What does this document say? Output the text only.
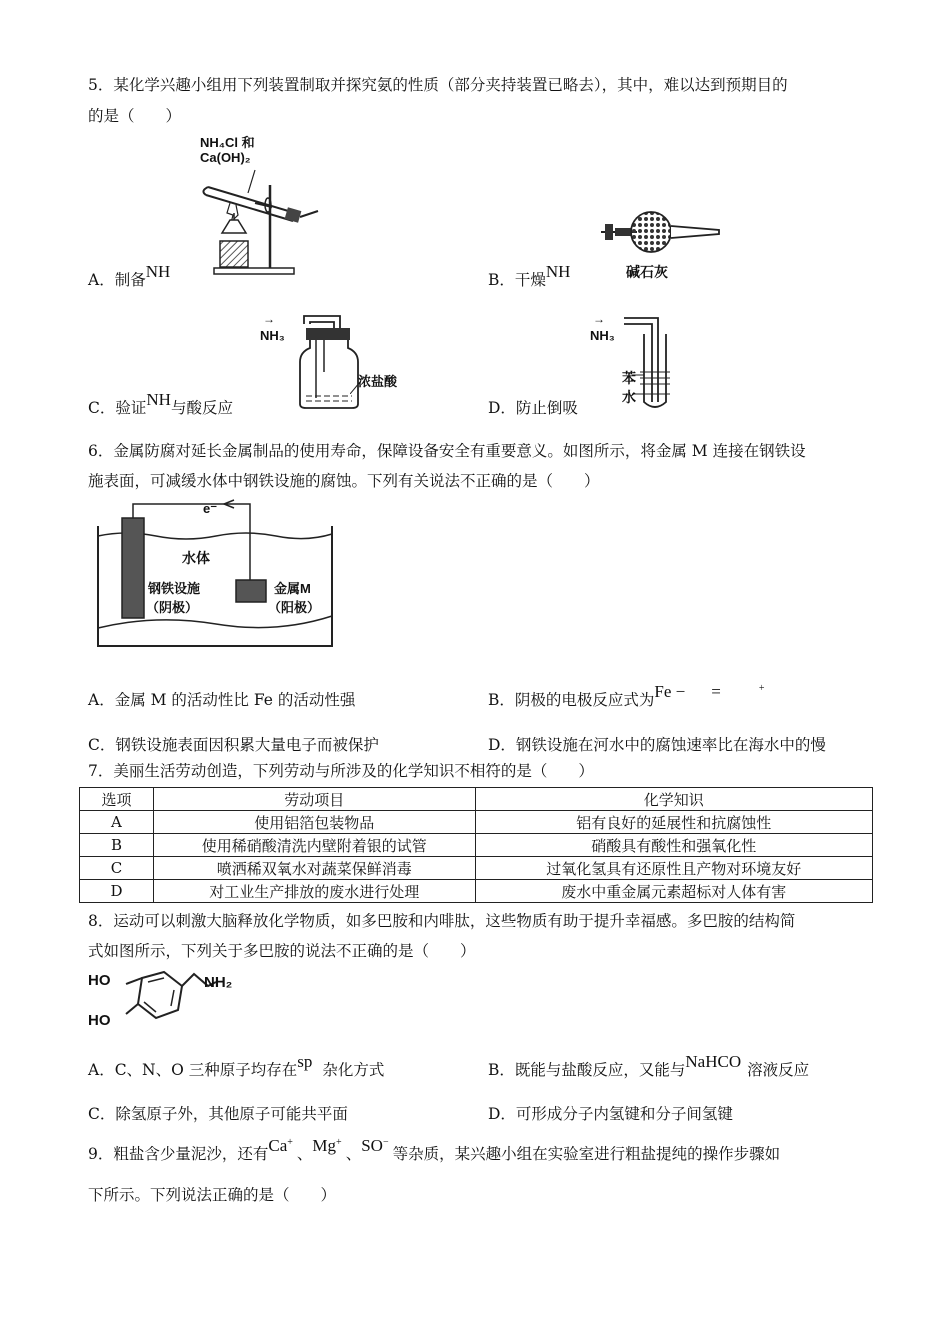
5．某化学兴趣小组用下列装置制取并探究氨的性质（部分夹持装置已略去），其中，难以达到预期目的
的是（　　）
NH₄Cl 和
Ca(OH)₂
碱石灰
A．制备NH	B．干燥NH
→
NH₃
浓盐酸
→
NH₃
苯
水
C．验证NH与酸反应	D．防止倒吸
6．金属防腐对延长金属制品的使用寿命，保障设备安全有重要意义。如图所示，将金属 M 连接在钢铁设
施表面，可减缓水体中钢铁设施的腐蚀。下列有关说法不正确的是（　　）
e⁻
水体
钢铁设施
（阴极）
金属M
（阳极）
A．金属 M 的活动性比 Fe 的活动性强	B．阴极的电极反应式为Fe − =	+
C．钢铁设施表面因积累大量电子而被保护	D．钢铁设施在河水中的腐蚀速率比在海水中的慢
7．美丽生活劳动创造，下列劳动与所涉及的化学知识不相符的是（　　）
选项	劳动项目	化学知识
A	使用铝箔包装物品	铝有良好的延展性和抗腐蚀性
B	使用稀硝酸清洗内壁附着银的试管	硝酸具有酸性和强氧化性
C	喷洒稀双氧水对蔬菜保鲜消毒	过氧化氢具有还原性且产物对环境友好
D	对工业生产排放的废水进行处理	废水中重金属元素超标对人体有害
8．运动可以刺激大脑释放化学物质，如多巴胺和内啡肽，这些物质有助于提升幸福感。多巴胺的结构简
式如图所示，下列关于多巴胺的说法不正确的是（　　）
HO
HO
NH₂
A．C、N、O 三种原子均存在sp 杂化方式	B．既能与盐酸反应，又能与NaHCO 溶液反应
C．除氢原子外，其他原子可能共平面	D．可形成分子内氢键和分子间氢键
9．粗盐含少量泥沙，还有Ca+、Mg+、SO−等杂质，某兴趣小组在实验室进行粗盐提纯的操作步骤如
下所示。下列说法正确的是（　　）
